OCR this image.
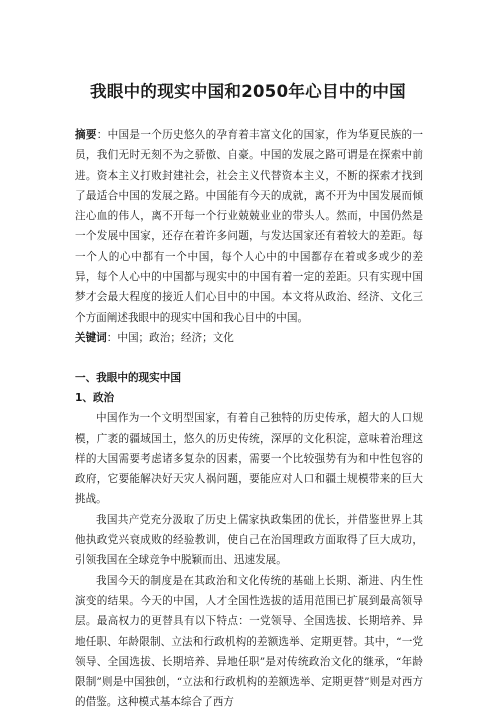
我眼中的现实中国和2050年心目中的中国

摘要：中国是一个历史悠久的孕育着丰富文化的国家，作为华夏民族的一员，我们无时无刻不为之骄傲、自豪。中国的发展之路可谓是在探索中前进。资本主义打败封建社会，社会主义代替资本主义，不断的探索才找到了最适合中国的发展之路。中国能有今天的成就，离不开为中国发展而倾注心血的伟人，离不开每一个行业兢兢业业的带头人。然而，中国仍然是一个发展中国家，还存在着许多问题，与发达国家还有着较大的差距。每一个人的心中都有一个中国，每个人心中的中国都存在着或多或少的差异，每个人心中的中国都与现实中的中国有着一定的差距。只有实现中国梦才会最大程度的接近人们心目中的中国。本文将从政治、经济、文化三个方面阐述我眼中的现实中国和我心目中的中国。

关键词：中国；政治；经济；文化

一、我眼中的现实中国
1、政治

中国作为一个文明型国家，有着自己独特的历史传承，超大的人口规模，广袤的疆域国土，悠久的历史传统，深厚的文化积淀，意味着治理这样的大国需要考虑诸多复杂的因素，需要一个比较强势有为和中性包容的政府，它要能解决好天灾人祸问题，要能应对人口和疆土规模带来的巨大挑战。

我国共产党充分汲取了历史上儒家执政集团的优长，并借鉴世界上其他执政党兴衰成败的经验教训，使自己在治国理政方面取得了巨大成功，引领我国在全球竞争中脱颖而出、迅速发展。

我国今天的制度是在其政治和文化传统的基础上长期、渐进、内生性演变的结果。今天的中国，人才全国性选拔的适用范围已扩展到最高领导层。最高权力的更替具有以下特点：一党领导、全国选拔、长期培养、异地任职、年龄限制、立法和行政机构的差额选举、定期更替。其中，“一党领导、全国选拔、长期培养、异地任职”是对传统政治文化的继承，“年龄限制”则是中国独创，“立法和行政机构的差额选举、定期更替”则是对西方的借鉴。这种模式基本综合了西方
